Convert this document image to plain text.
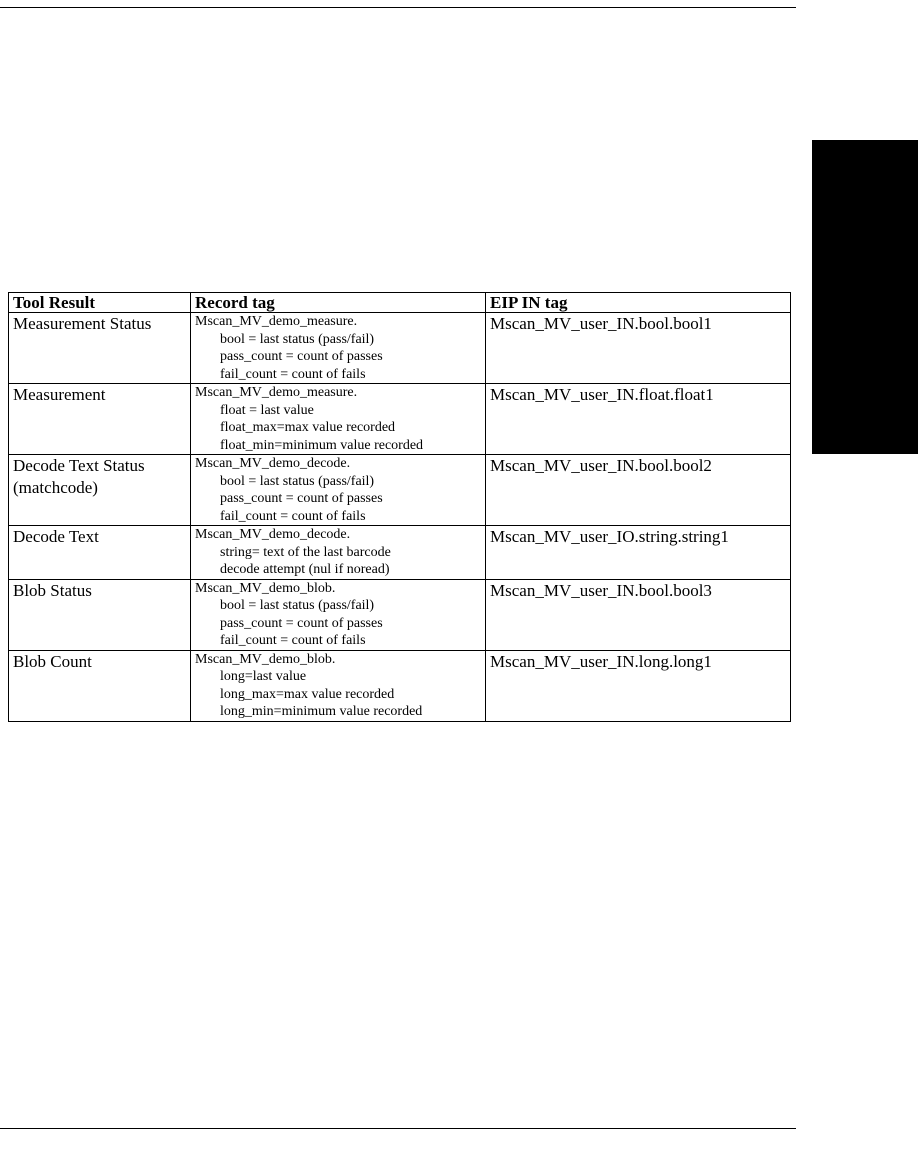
Tool Result	Record tag	EIP IN tag
Measurement Status	Mscan_MV_demo_measure.
bool = last status (pass/fail)
pass_count = count of passes
fail_count = count of fails	Mscan_MV_user_IN.bool.bool1
Measurement	Mscan_MV_demo_measure.
float = last value
float_max=max value recorded
float_min=minimum value recorded	Mscan_MV_user_IN.float.float1
Decode Text Status (matchcode)	Mscan_MV_demo_decode.
bool = last status (pass/fail)
pass_count = count of passes
fail_count = count of fails	Mscan_MV_user_IN.bool.bool2
Decode Text	Mscan_MV_demo_decode.
string= text of the last barcode
decode attempt (nul if noread)	Mscan_MV_user_IO.string.string1
Blob Status	Mscan_MV_demo_blob.
bool = last status (pass/fail)
pass_count = count of passes
fail_count = count of fails	Mscan_MV_user_IN.bool.bool3
Blob Count	Mscan_MV_demo_blob.
long=last value
long_max=max value recorded
long_min=minimum value recorded	Mscan_MV_user_IN.long.long1
